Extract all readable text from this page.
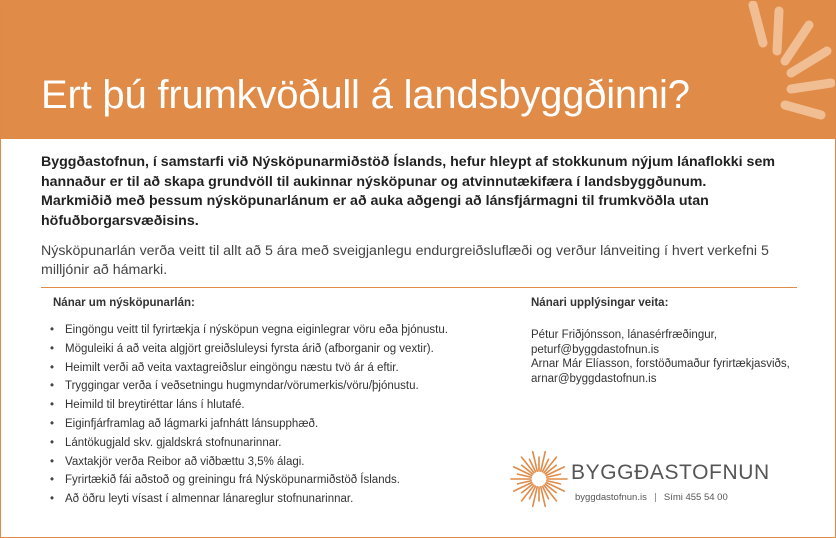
Ert þú frumkvöðull á landsbyggðinni?

Byggðastofnun, í samstarfi við Nýsköpunarmiðstöð Íslands, hefur hleypt af stokkunum nýjum lánaflokki sem hannaður er til að skapa grundvöll til aukinnar nýsköpunar og atvinnutækifæra í landsbyggðunum. Markmiðið með þessum nýsköpunarlánum er að auka aðgengi að lánsfjármagni til frumkvöðla utan höfuðborgarsvæðisins.

Nýsköpunarlán verða veitt til allt að 5 ára með sveigjanlegu endurgreiðsluflæði og verður lánveiting í hvert verkefni 5 milljónir að hámarki.

Nánar um nýsköpunarlán:

• Eingöngu veitt til fyrirtækja í nýsköpun vegna eiginlegrar vöru eða þjónustu.
• Möguleiki á að veita algjört greiðsluleysi fyrsta árið (afborganir og vextir).
• Heimilt verði að veita vaxtagreiðslur eingöngu næstu tvö ár á eftir.
• Tryggingar verða í veðsetningu hugmyndar/vörumerkis/vöru/þjónustu.
• Heimild til breytiréttar láns í hlutafé.
• Eiginfjárframlag að lágmarki jafnhátt lánsupphæð.
• Lántökugjald skv. gjaldskrá stofnunarinnar.
• Vaxtakjör verða Reibor að viðbættu 3,5% álagi.
• Fyrirtækið fái aðstoð og greiningu frá Nýsköpunarmiðstöð Íslands.
• Að öðru leyti vísast í almennar lánareglur stofnunarinnar.

Nánari upplýsingar veita:

Pétur Friðjónsson, lánasérfræðingur,
peturf@byggdastofnun.is
Arnar Már Elíasson, forstöðumaður fyrirtækjasviðs,
arnar@byggdastofnun.is

BYGGÐASTOFNUN

byggdastofnun.is Sími 455 54 00
